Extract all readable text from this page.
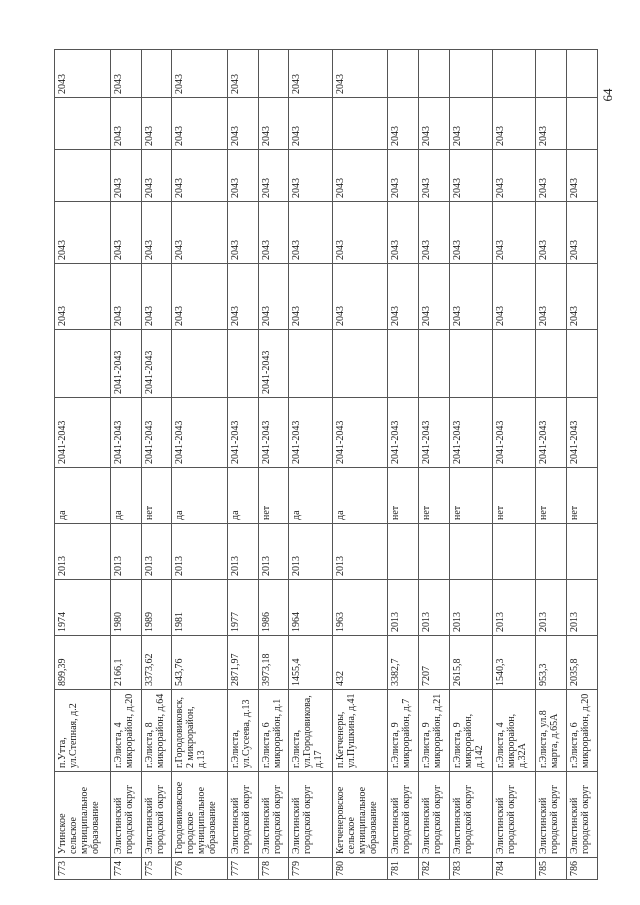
773	Утинское сельское муниципальное образование	п.Утта, ул.Степная, д.2	899,39	1974	2013	да	2041-2043		2043	2043			2043
774	Элистинский городской округ	г.Элиста, 4 микрорайон, д.20	2166,1	1980	2013	да	2041-2043	2041-2043	2043	2043	2043	2043	2043
775	Элистинский городской округ	г.Элиста, 8 микрорайон, д.64	3373,62	1989	2013	нет	2041-2043	2041-2043	2043	2043	2043	2043	
776	Городовиковское городское муниципальное образование	г.Городовиковск, 2 микрорайон, д.13	543,76	1981	2013	да	2041-2043		2043	2043	2043	2043	2043
777	Элистинский городской округ	г.Элиста, ул.Сусеева, д.13	2871,97	1977	2013	да	2041-2043		2043	2043	2043	2043	2043
778	Элистинский городской округ	г.Элиста, 6 микрорайон, д.1	3973,18	1986	2013	нет	2041-2043	2041-2043	2043	2043	2043	2043	
779	Элистинский городской округ	г.Элиста, ул.Городовикова, д.17	1455,4	1964	2013	да	2041-2043		2043	2043	2043	2043	2043
780	Кетченеровское сельское муниципальное образование	п.Кетченеры, ул.Пушкина, д.41	432	1963	2013	да	2041-2043		2043	2043	2043		2043
781	Элистинский городской округ	г.Элиста, 9 микрорайон, д.7	3382,7	2013		нет	2041-2043		2043	2043	2043	2043	
782	Элистинский городской округ	г.Элиста, 9 микрорайон, д.21	7207	2013		нет	2041-2043		2043	2043	2043	2043	
783	Элистинский городской округ	г.Элиста, 9 микрорайон, д.142	2615,8	2013		нет	2041-2043		2043	2043	2043	2043	
784	Элистинский городской округ	г.Элиста, 4 микрорайон, д.32А	1540,3	2013		нет	2041-2043		2043	2043	2043	2043	
785	Элистинский городской округ	г.Элиста, ул.8 марта, д.65А	953,3	2013		нет	2041-2043		2043	2043	2043	2043	
786	Элистинский городской округ	г.Элиста, 6 микрорайон, д.20	2035,8	2013		нет	2041-2043		2043	2043	2043		
64
